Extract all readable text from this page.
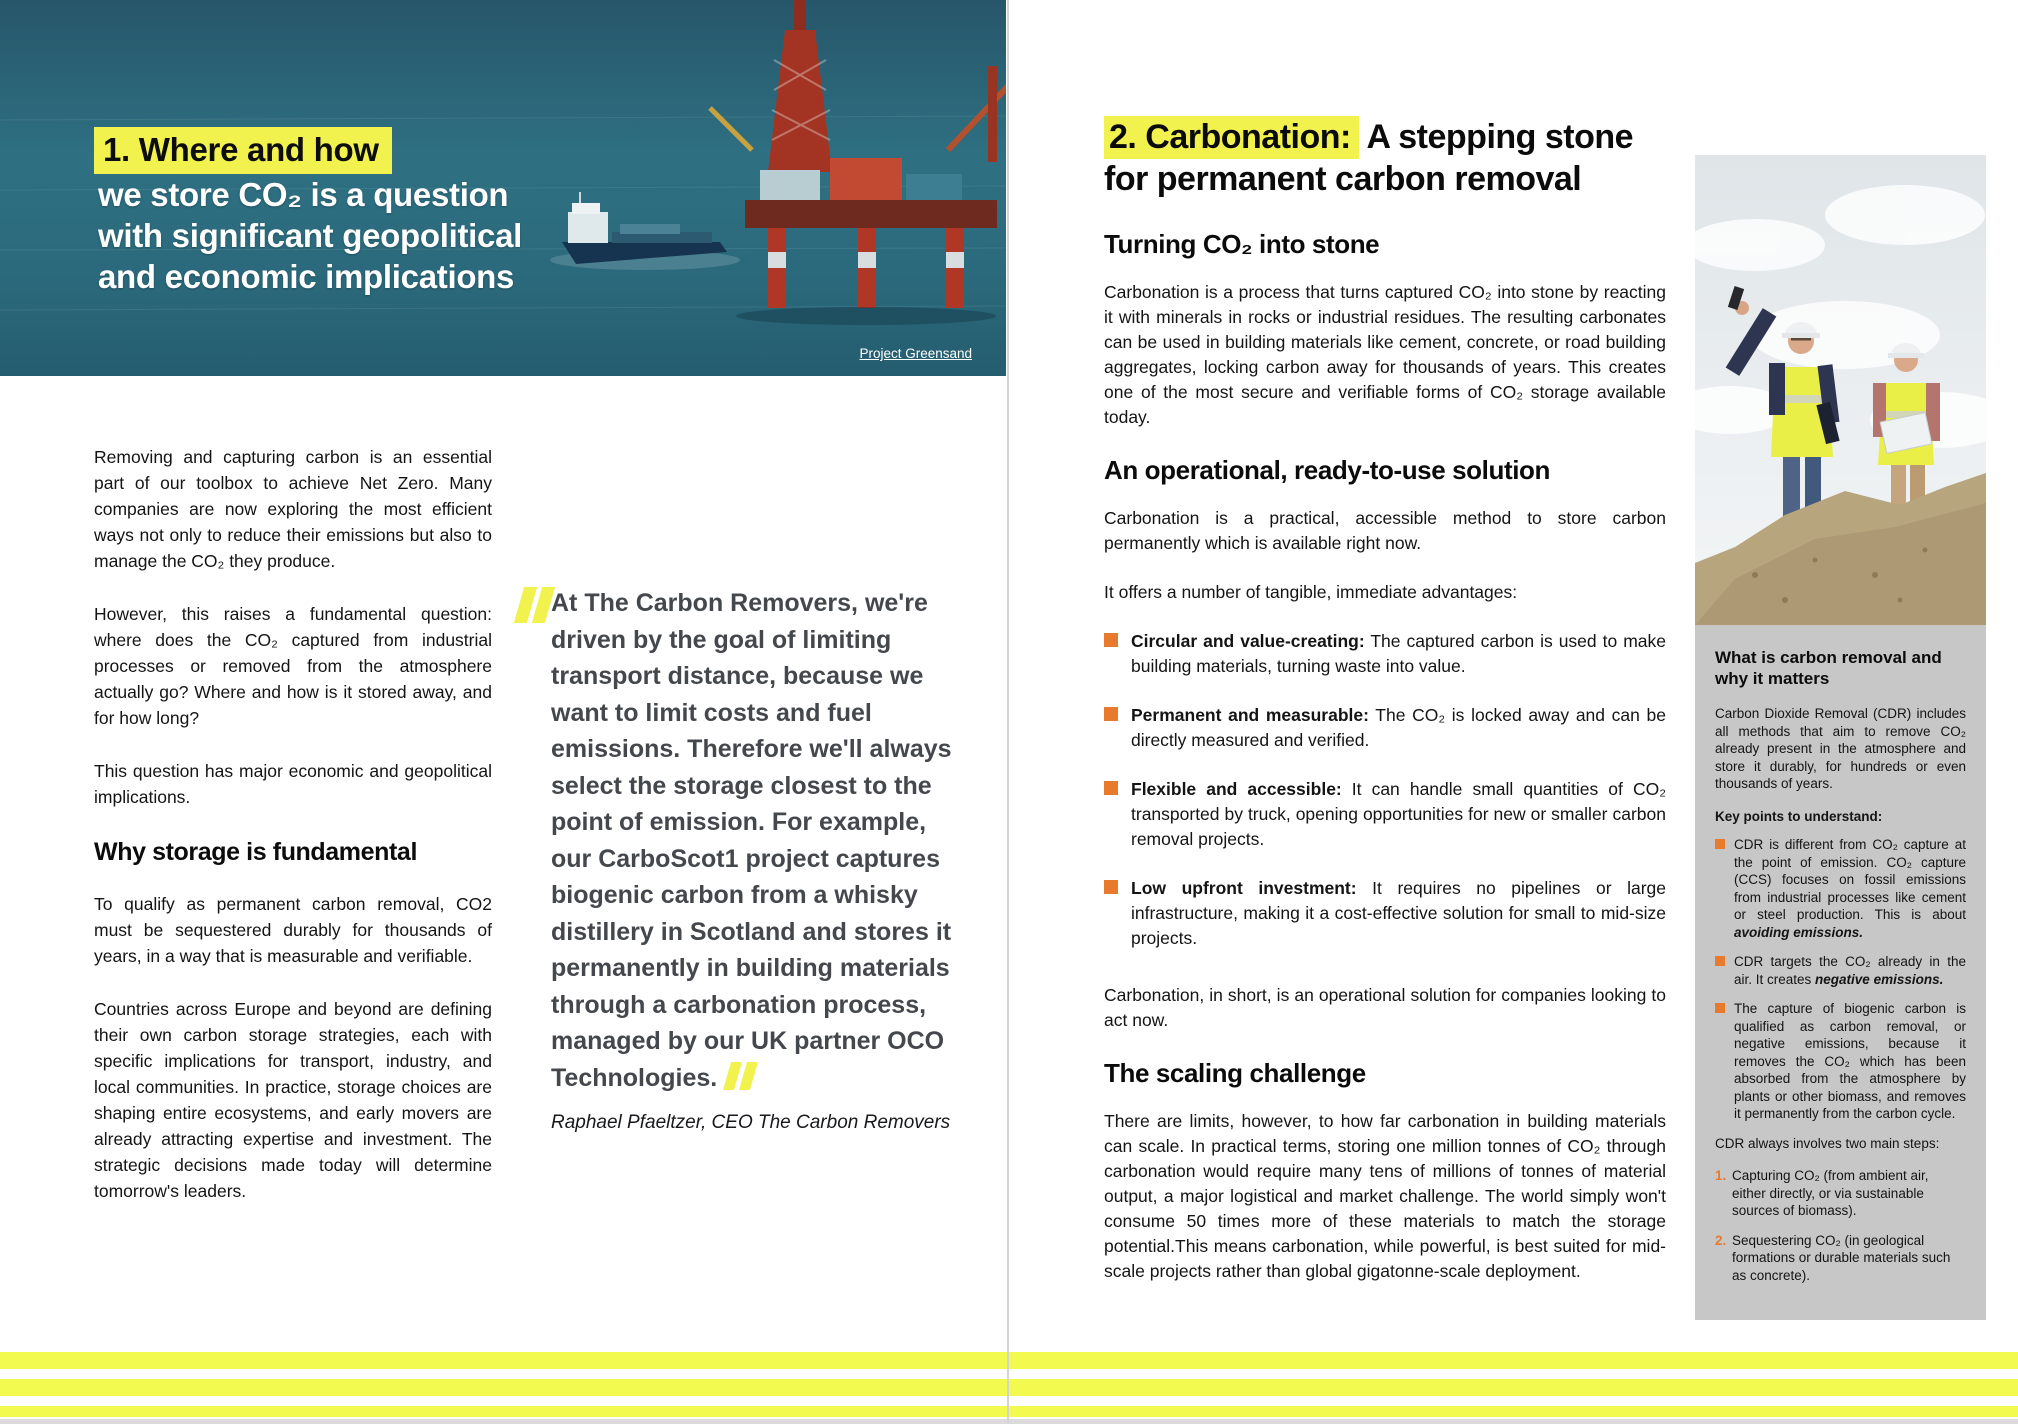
1. Where and how
we store CO₂ is a question
with significant geopolitical
and economic implications
Project Greensand

Removing and capturing carbon is an essential part of our toolbox to achieve Net Zero. Many companies are now exploring the most efficient ways not only to reduce their emissions but also to manage the CO₂ they produce.

However, this raises a fundamental question: where does the CO₂ captured from industrial processes or removed from the atmosphere actually go? Where and how is it stored away, and for how long?

This question has major economic and geopolitical implications.

Why storage is fundamental

To qualify as permanent carbon removal, CO2 must be sequestered durably for thousands of years, in a way that is measurable and verifiable.

Countries across Europe and beyond are defining their own carbon storage strategies, each with specific implications for transport, industry, and local communities. In practice, storage choices are shaping entire ecosystems, and early movers are already attracting expertise and investment. The strategic decisions made today will determine tomorrow's leaders.

At The Carbon Removers, we're driven by the goal of limiting transport distance, because we want to limit costs and fuel emissions. Therefore we'll always select the storage closest to the point of emission. For example, our CarboScot1 project captures biogenic carbon from a whisky distillery in Scotland and stores it permanently in building materials through a carbonation process, managed by our UK partner OCO Technologies.
Raphael Pfaeltzer, CEO The Carbon Removers
2. Carbonation: A stepping stone for permanent carbon removal
Turning CO₂ into stone

Carbonation is a process that turns captured CO₂ into stone by reacting it with minerals in rocks or industrial residues. The resulting carbonates can be used in building materials like cement, concrete, or road building aggregates, locking carbon away for thousands of years. This creates one of the most secure and verifiable forms of CO₂ storage available today.

An operational, ready-to-use solution

Carbonation is a practical, accessible method to store carbon permanently which is available right now.

It offers a number of tangible, immediate advantages:

Circular and value-creating: The captured carbon is used to make building materials, turning waste into value.
Permanent and measurable: The CO₂ is locked away and can be directly measured and verified.
Flexible and accessible: It can handle small quantities of CO₂ transported by truck, opening opportunities for new or smaller carbon removal projects.
Low upfront investment: It requires no pipelines or large infrastructure, making it a cost-effective solution for small to mid-size projects.

Carbonation, in short, is an operational solution for companies looking to act now.

The scaling challenge

There are limits, however, to how far carbonation in building materials can scale. In practical terms, storing one million tonnes of CO₂ through carbonation would require many tens of millions of tonnes of material output, a major logistical and market challenge. The world simply won't consume 50 times more of these materials to match the storage potential.This means carbonation, while powerful, is best suited for mid-scale projects rather than global gigatonne-scale deployment.

What is carbon removal and why it matters

Carbon Dioxide Removal (CDR) includes all methods that aim to remove CO₂ already present in the atmosphere and store it durably, for hundreds or even thousands of years.

Key points to understand:
CDR is different from CO₂ capture at the point of emission. CO₂ capture (CCS) focuses on fossil emissions from industrial processes like cement or steel production. This is about avoiding emissions.
CDR targets the CO₂ already in the air. It creates negative emissions.
The capture of biogenic carbon is qualified as carbon removal, or negative emissions, because it removes the CO₂ which has been absorbed from the atmosphere by plants or other biomass, and removes it permanently from the carbon cycle.

CDR always involves two main steps:

1. Capturing CO₂ (from ambient air, either directly, or via sustainable sources of biomass).
2. Sequestering CO₂ (in geological formations or durable materials such as concrete).
